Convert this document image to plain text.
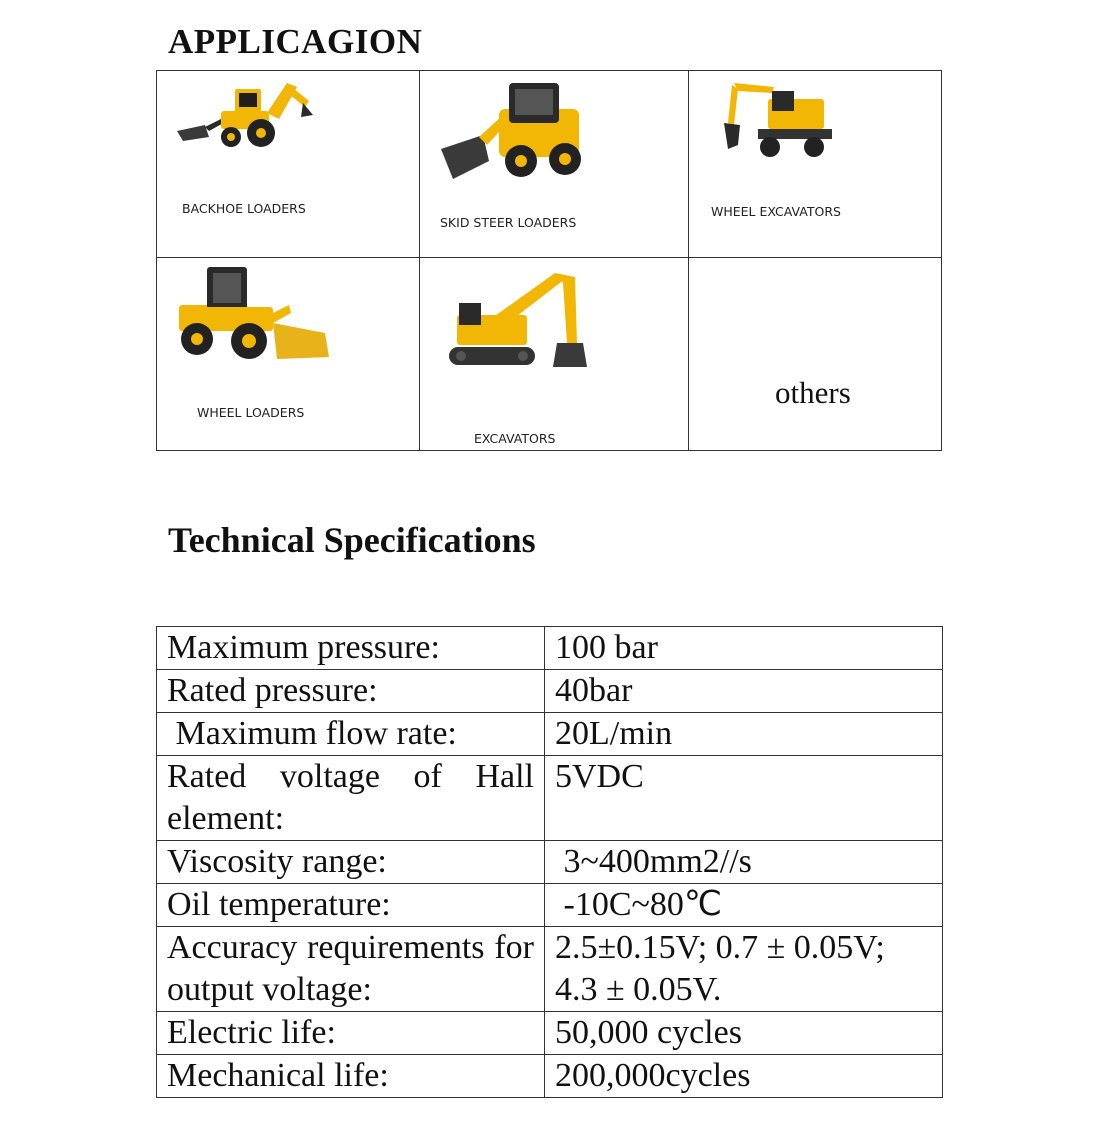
APPLICAGION
BACKHOE LOADERS
SKID STEER LOADERS
WHEEL EXCAVATORS
WHEEL LOADERS
EXCAVATORS
others
Technical Specifications
Maximum pressure:	100 bar
Rated pressure:	40bar
Maximum flow rate:	20L/min
Rated voltage of Hall element:	5VDC
Viscosity range:	3~400mm2//s
Oil temperature:	-10C~80℃
Accuracy requirements for output voltage:	2.5±0.15V; 0.7 ± 0.05V; 4.3 ± 0.05V.
Electric life:	50,000 cycles
Mechanical life:	200,000cycles
